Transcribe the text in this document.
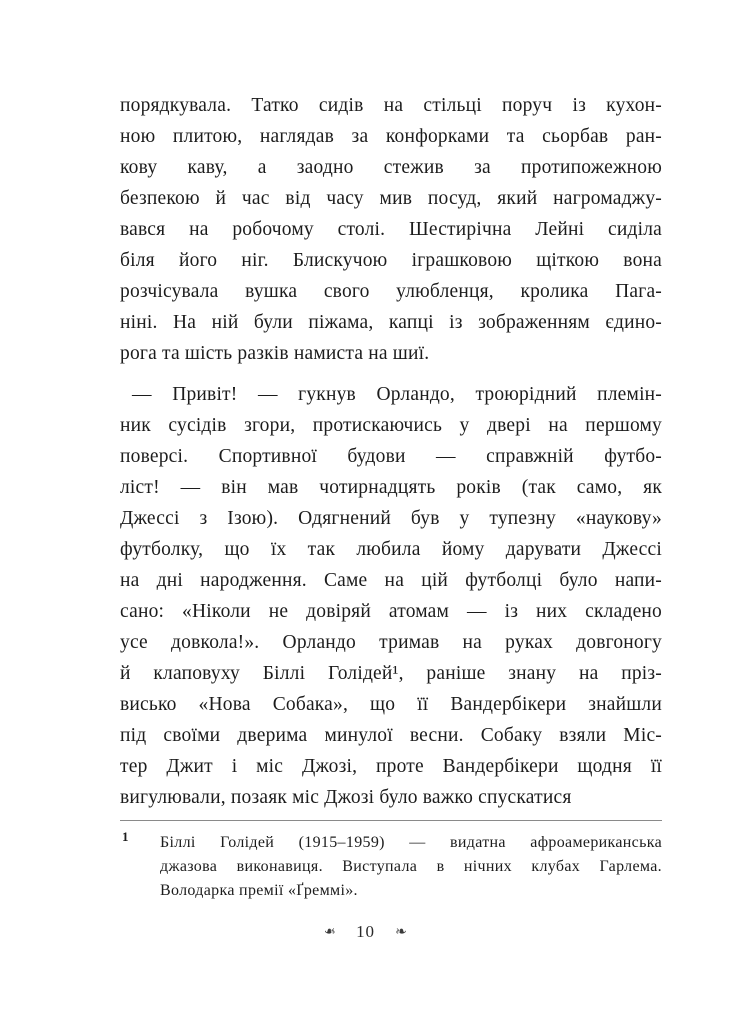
порядкувала. Татко сидів на стільці поруч із кухон-
ною плитою, наглядав за конфорками та сьорбав ран-
кову каву, а заодно стежив за протипожежною
безпекою й час від часу мив посуд, який нагромаджу-
вався на робочому столі. Шестирічна Лейні сиділа
біля його ніг. Блискучою іграшковою щіткою вона
розчісувала вушка свого улюбленця, кролика Пага-
ніні. На ній були піжама, капці із зображенням єдино-
рога та шість разків намиста на шиї.
— Привіт! — гукнув Орландо, троюрідний племін-
ник сусідів згори, протискаючись у двері на першому
поверсі. Спортивної будови — справжній футбо-
ліст! — він мав чотирнадцять років (так само, як
Джессі з Ізою). Одягнений був у тупезну «наукову»
футболку, що їх так любила йому дарувати Джессі
на дні народження. Саме на цій футболці було напи-
сано: «Ніколи не довіряй атомам — із них складено
усе довкола!». Орландо тримав на руках довгоногу
й клаповуху Біллі Голідей¹, раніше знану на пріз-
висько «Нова Собака», що її Вандербікери знайшли
під своїми дверима минулої весни. Собаку взяли Міс-
тер Джит і міс Джозі, проте Вандербікери щодня її
вигулювали, позаяк міс Джозі було важко спускатися
1 Біллі Голідей (1915–1959) — видатна афроамериканська
джазова виконавиця. Виступала в нічних клубах Гарлема.
Володарка премії «Ґреммі».
❧ 10 ❧
